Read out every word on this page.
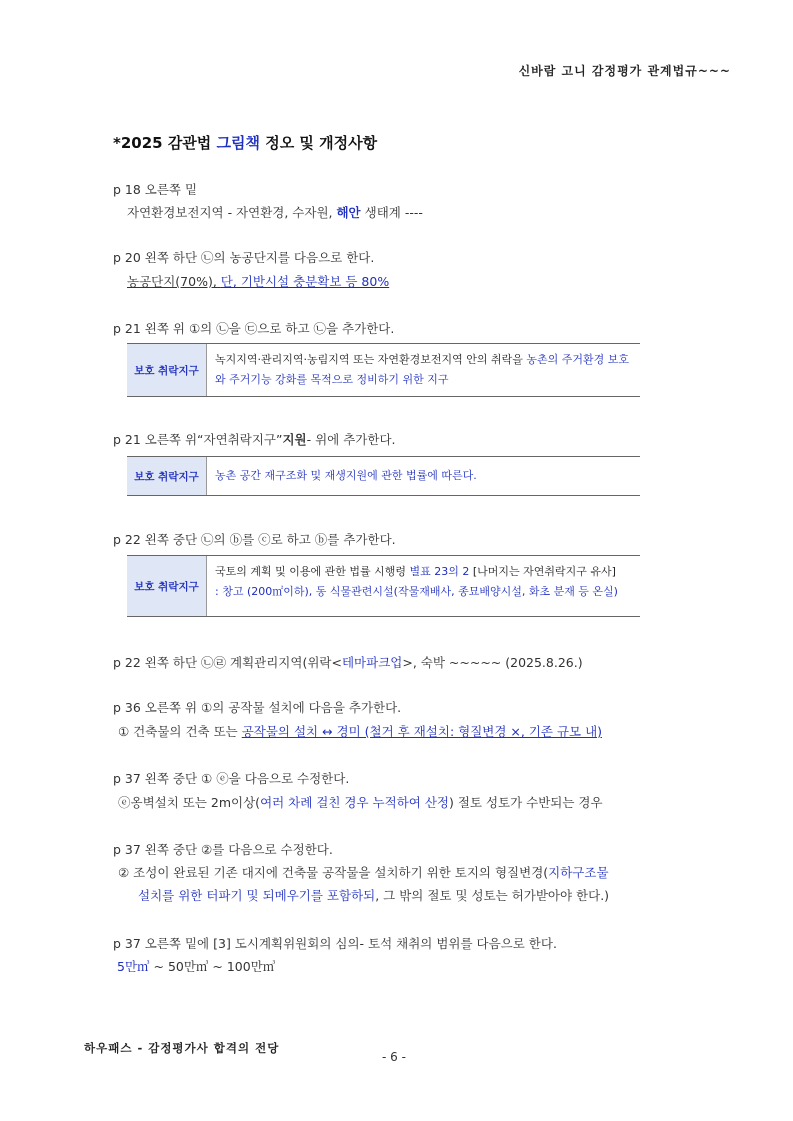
신바람 고니 감정평가 관계법규~~~
*2025 감관법 그림책 정오 및 개정사항
p 18 오른쪽 밑
자연환경보전지역 - 자연환경, 수자원, 해안 생태계 ----
p 20 왼쪽 하단 ㉡의 농공단지를 다음으로 한다.
농공단지(70%), 단, 기반시설 충분확보 등 80%
p 21 왼쪽 위 ①의 ㉡을 ㉢으로 하고 ㉡을 추가한다.
보호 취락지구
녹지지역·관리지역·농림지역 또는 자연환경보전지역 안의 취락을 농촌의 주거환경 보호와 주거기능 강화를 목적으로 정비하기 위한 지구
p 21 오른쪽 위“자연취락지구”지원- 위에 추가한다.
보호 취락지구	농촌 공간 재구조화 및 재생지원에 관한 법률에 따른다.
p 22 왼쪽 중단 ㉡의 ⓑ를 ⓒ로 하고 ⓑ를 추가한다.
보호 취락지구
국토의 계획 및 이용에 관한 법률 시행령 별표 23의 2 [나머지는 자연취락지구 유사]
: 창고 (200㎡이하), 동 식물관련시설(작물재배사, 종묘배양시설, 화초 분재 등 온실)
p 22 왼쪽 하단 ㉡㉣ 계획관리지역(위락<테마파크업>, 숙박 ~~~~~ (2025.8.26.)
p 36 오른쪽 위 ①의 공작물 설치에 다음을 추가한다.
① 건축물의 건축 또는 공작물의 설치 ↔ 경미 (철거 후 재설치: 형질변경 ×, 기존 규모 내)
p 37 왼쪽 중단 ① ⓔ을 다음으로 수정한다.
ⓔ옹벽설치 또는 2m이상(여러 차례 걸친 경우 누적하여 산정) 절토 성토가 수반되는 경우
p 37 왼쪽 중단 ②를 다음으로 수정한다.
② 조성이 완료된 기존 대지에 건축물 공작물을 설치하기 위한 토지의 형질변경(지하구조물
설치를 위한 터파기 및 되메우기를 포함하되, 그 밖의 절토 및 성토는 허가받아야 한다.)
p 37 오른쪽 밑에 [3] 도시계획위원회의 심의- 토석 채취의 범위를 다음으로 한다.
5만㎥ ~ 50만㎥ ~ 100만㎥
하우패스 - 감정평가사 합격의 전당
- 6 -
